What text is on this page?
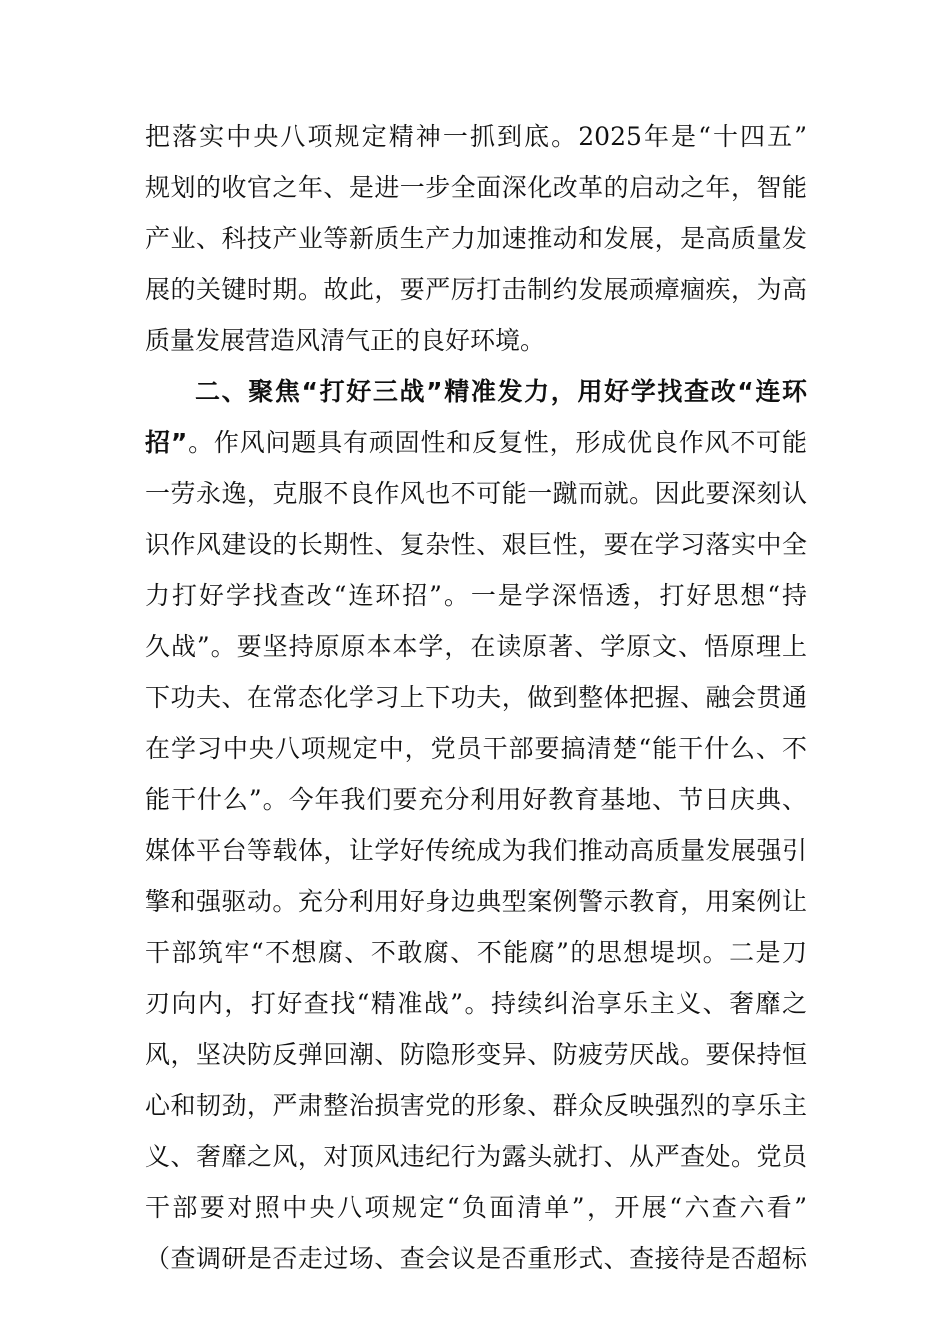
把落实中央八项规定精神一抓到底。2025年是“十四五”
规划的收官之年、是进一步全面深化改革的启动之年，智能
产业、科技产业等新质生产力加速推动和发展，是高质量发
展的关键时期。故此，要严厉打击制约发展顽瘴痼疾，为高
质量发展营造风清气正的良好环境。
二、聚焦“打好三战”精准发力，用好学找查改“连环
招”。作风问题具有顽固性和反复性，形成优良作风不可能
一劳永逸，克服不良作风也不可能一蹴而就。因此要深刻认
识作风建设的长期性、复杂性、艰巨性，要在学习落实中全
力打好学找查改“连环招”。一是学深悟透，打好思想“持
久战”。要坚持原原本本学，在读原著、学原文、悟原理上
下功夫、在常态化学习上下功夫，做到整体把握、融会贯通
在学习中央八项规定中，党员干部要搞清楚“能干什么、不
能干什么”。今年我们要充分利用好教育基地、节日庆典、
媒体平台等载体，让学好传统成为我们推动高质量发展强引
擎和强驱动。充分利用好身边典型案例警示教育，用案例让
干部筑牢“不想腐、不敢腐、不能腐”的思想堤坝。二是刀
刃向内，打好查找“精准战”。持续纠治享乐主义、奢靡之
风，坚决防反弹回潮、防隐形变异、防疲劳厌战。要保持恒
心和韧劲，严肃整治损害党的形象、群众反映强烈的享乐主
义、奢靡之风，对顶风违纪行为露头就打、从严查处。党员
干部要对照中央八项规定“负面清单”，开展“六查六看”
（查调研是否走过场、查会议是否重形式、查接待是否超标
